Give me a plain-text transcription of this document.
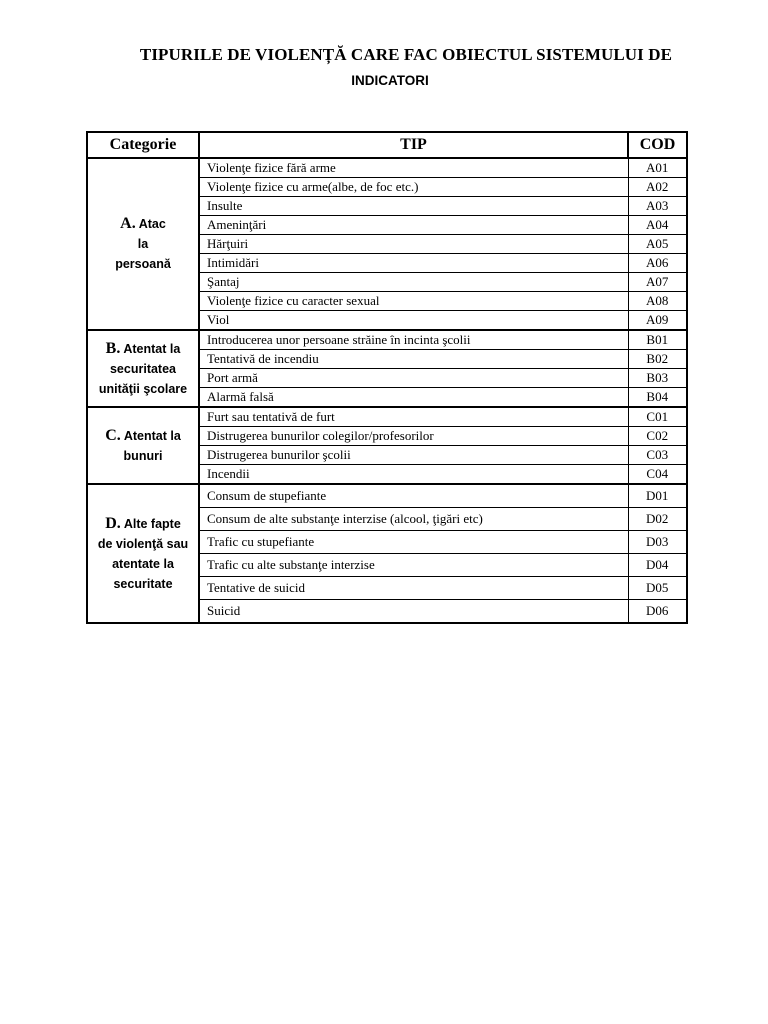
TIPURILE DE VIOLENȚĂ CARE FAC OBIECTUL SISTEMULUI DE
INDICATORI
Categorie	TIP	COD
A. Atac
la
persoană	Violenţe fizice fără arme	A01
	Violenţe fizice cu arme(albe, de foc etc.)	A02
	Insulte	A03
	Ameninţări	A04
	Hărţuiri	A05
	Intimidări	A06
	Şantaj	A07
	Violenţe fizice cu caracter sexual	A08
	Viol	A09
B. Atentat la
securitatea
unităţii şcolare	Introducerea unor persoane străine în incinta şcolii	B01
	Tentativă de incendiu	B02
	Port armă	B03
	Alarmă falsă	B04
C. Atentat la
bunuri	Furt sau tentativă de furt	C01
	Distrugerea bunurilor colegilor/profesorilor	C02
	Distrugerea bunurilor şcolii	C03
	Incendii	C04
D. Alte fapte
de violenţă sau
atentate la
securitate	Consum de stupefiante	D01
	Consum de alte substanţe interzise (alcool, ţigări etc)	D02
	Trafic cu stupefiante	D03
	Trafic cu alte substanţe interzise	D04
	Tentative de suicid	D05
	Suicid	D06
